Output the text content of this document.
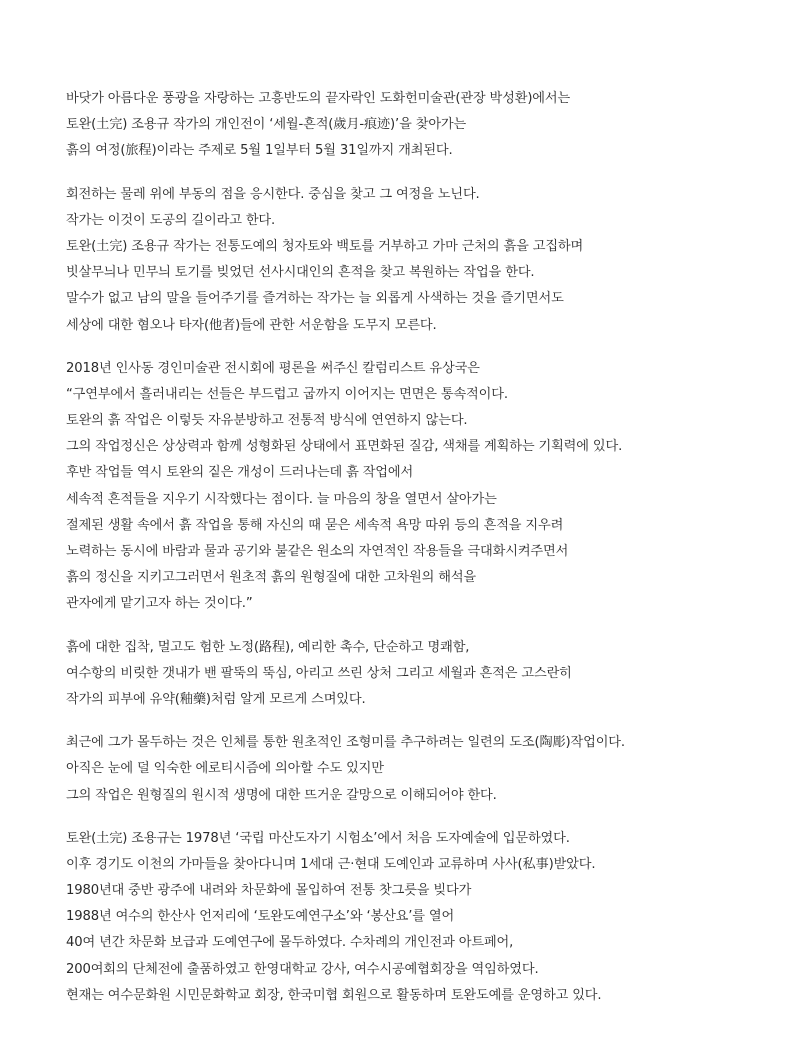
바닷가 아름다운 풍광을 자랑하는 고흥반도의 끝자락인 도화헌미술관(관장 박성환)에서는
토완(土完) 조용규 작가의 개인전이 ‘세월-흔적(歲月-痕迹)’을 찾아가는
흙의 여정(旅程)이라는 주제로 5월 1일부터 5월 31일까지 개최된다.
회전하는 물레 위에 부동의 점을 응시한다. 중심을 찾고 그 여정을 노닌다.
작가는 이것이 도공의 길이라고 한다.
토완(土完) 조용규 작가는 전통도예의 청자토와 백토를 거부하고 가마 근처의 흙을 고집하며
빗살무늬나 민무늬 토기를 빚었던 선사시대인의 흔적을 찾고 복원하는 작업을 한다.
말수가 없고 남의 말을 들어주기를 즐겨하는 작가는 늘 외롭게 사색하는 것을 즐기면서도
세상에 대한 혐오나 타자(他者)들에 관한 서운함을 도무지 모른다.
2018년 인사동 경인미술관 전시회에 평론을 써주신 칼럼리스트 유상국은
“구연부에서 흘러내리는 선들은 부드럽고 굽까지 이어지는 면면은 통속적이다.
토완의 흙 작업은 이렇듯 자유분방하고 전통적 방식에 연연하지 않는다.
그의 작업정신은 상상력과 함께 성형화된 상태에서 표면화된 질감, 색채를 계획하는 기획력에 있다.
후반 작업들 역시 토완의 짙은 개성이 드러나는데 흙 작업에서
세속적 흔적들을 지우기 시작했다는 점이다. 늘 마음의 창을 열면서 살아가는
절제된 생활 속에서 흙 작업을 통해 자신의 때 묻은 세속적 욕망 따위 등의 흔적을 지우려
노력하는 동시에 바람과 물과 공기와 불같은 원소의 자연적인 작용들을 극대화시켜주면서
흙의 정신을 지키고그러면서 원초적 흙의 원형질에 대한 고차원의 해석을
관자에게 맡기고자 하는 것이다.”
흙에 대한 집착, 멀고도 험한 노정(路程), 예리한 촉수, 단순하고 명쾌함,
여수항의 비릿한 갯내가 밴 팔뚝의 뚝심, 아리고 쓰린 상처 그리고 세월과 흔적은 고스란히
작가의 피부에 유약(釉藥)처럼 알게 모르게 스며있다.
최근에 그가 몰두하는 것은 인체를 통한 원초적인 조형미를 추구하려는 일련의 도조(陶彫)작업이다.
아직은 눈에 덜 익숙한 에로티시즘에 의아할 수도 있지만
그의 작업은 원형질의 원시적 생명에 대한 뜨거운 갈망으로 이해되어야 한다.
토완(土完) 조용규는 1978년 ‘국립 마산도자기 시험소’에서 처음 도자예술에 입문하였다.
이후 경기도 이천의 가마들을 찾아다니며 1세대 근·현대 도예인과 교류하며 사사(私事)받았다.
1980년대 중반 광주에 내려와 차문화에 몰입하여 전통 찻그릇을 빚다가
1988년 여수의 한산사 언저리에 ‘토완도예연구소’와 ‘봉산요’를 열어
40여 년간 차문화 보급과 도예연구에 몰두하였다. 수차례의 개인전과 아트페어,
200여회의 단체전에 출품하였고 한영대학교 강사, 여수시공예협회장을 역임하였다.
현재는 여수문화원 시민문화학교 회장, 한국미협 회원으로 활동하며 토완도예를 운영하고 있다.
